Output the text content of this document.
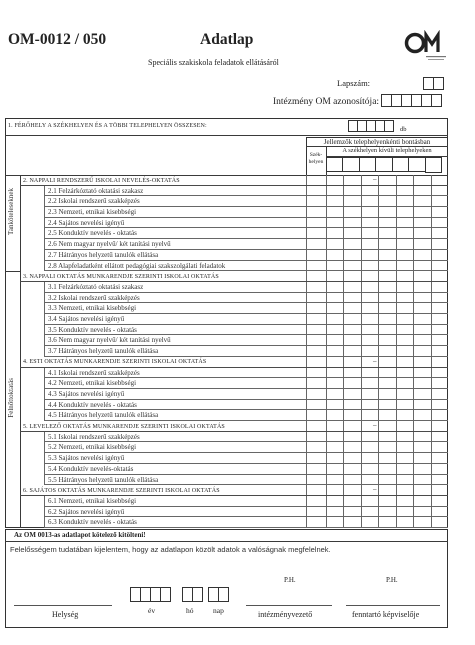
OM-0012 / 050	Adatlap
Speciális szakiskola feladatok ellátásáról
Lapszám:
Intézmény OM azonosítója:
1. FÉRŐHELY A SZÉKHELYEN ÉS A TÖBBI TELEPHELYEN ÖSSZESEN:	db
Jellemzők telephelyenkénti bontásban
Szék-helyen
A székhelyen kívüli telephelyeken
Tanköteleseknek
Felnőttoktatás
2. NAPPALI RENDSZERŰ ISKOLAI NEVELÉS-OKTATÁS	–
2.1 Felzárkóztató oktatási szakasz
2.2 Iskolai rendszerű szakképzés
2.3 Nemzeti, etnikai kisebbségi
2.4 Sajátos nevelési igényű
2.5 Konduktív nevelés - oktatás
2.6 Nem magyar nyelvű/ két tanítási nyelvű
2.7 Hátrányos helyzetű tanulók ellátása
2.8 Alapfeladatként ellátott pedagógiai szakszolgálati feladatok
3. NAPPALI OKTATÁS MUNKARENDJE SZERINTI ISKOLAI OKTATÁS
3.1 Felzárkóztató oktatási szakasz
3.2 Iskolai rendszerű szakképzés
3.3 Nemzeti, etnikai kisebbségi
3.4 Sajátos nevelési igényű
3.5 Konduktív nevelés - oktatás
3.6 Nem magyar nyelvű/ két tanítási nyelvű
3.7 Hátrányos helyzetű tanulók ellátása
4. ESTI OKTATÁS MUNKARENDJE SZERINTI ISKOLAI OKTATÁS	–
4.1 Iskolai rendszerű szakképzés
4.2 Nemzeti, etnikai kisebbségi
4.3 Sajátos nevelési igényű
4.4 Konduktív nevelés - oktatás
4.5 Hátrányos helyzetű tanulók ellátása
5. LEVELEZŐ OKTATÁS MUNKARENDJE SZERINTI ISKOLAI OKTATÁS	–
5.1 Iskolai rendszerű szakképzés
5.2 Nemzeti, etnikai kisebbségi
5.3 Sajátos nevelési igényű
5.4 Konduktív nevelés-oktatás
5.5 Hátrányos helyzetű tanulók ellátása
6. SAJÁTOS OKTATÁS MUNKARENDJE SZERINTI ISKOLAI OKTATÁS	–
6.1 Nemzeti, etnikai kisebbségi
6.2 Sajátos nevelési igényű
6.3 Konduktív nevelés - oktatás
Az OM 0013-as adatlapot kötelező kitölteni!
Felelősségem tudatában kijelentem, hogy az adatlapon közölt adatok a valóságnak megfelelnek.
P.H.	P.H.
év	hó	nap
Helység	intézményvezető	fenntartó képviselője
